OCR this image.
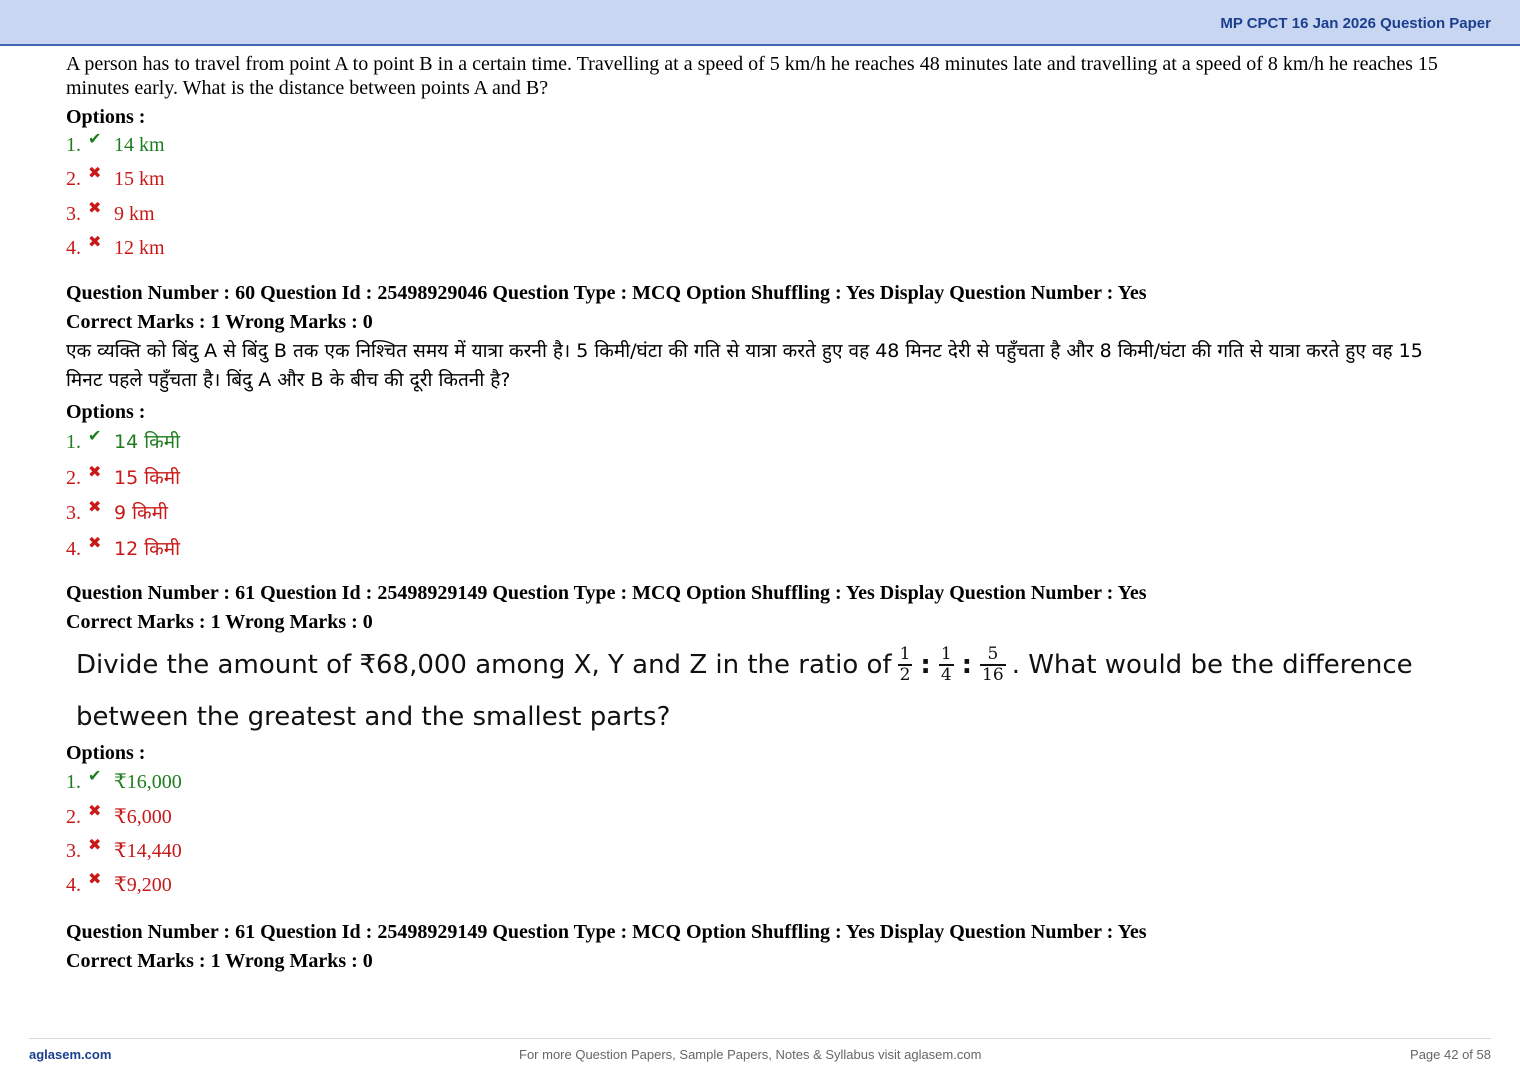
MP CPCT 16 Jan 2026 Question Paper

A person has to travel from point A to point B in a certain time. Travelling at a speed of 5 km/h he reaches 48 minutes late and travelling at a speed of 8 km/h he reaches 15 minutes early. What is the distance between points A and B?

Options :
1. ✔ 14 km
2. ✖ 15 km
3. ✖ 9 km
4. ✖ 12 km
Question Number : 60 Question Id : 25498929046 Question Type : MCQ Option Shuffling : Yes Display Question Number : Yes
Correct Marks : 1 Wrong Marks : 0

एक व्यक्ति को बिंदु A से बिंदु B तक एक निश्चित समय में यात्रा करनी है। 5 किमी/घंटा की गति से यात्रा करते हुए वह 48 मिनट देरी से पहुँचता है और 8 किमी/घंटा की गति से यात्रा करते हुए वह 15 मिनट पहले पहुँचता है। बिंदु A और B के बीच की दूरी कितनी है?

Options :
1. ✔ 14 किमी
2. ✖ 15 किमी
3. ✖ 9 किमी
4. ✖ 12 किमी
Question Number : 61 Question Id : 25498929149 Question Type : MCQ Option Shuffling : Yes Display Question Number : Yes
Correct Marks : 1 Wrong Marks : 0
Divide the amount of ₹68,000 among X, Y and Z in the ratio of $\frac{1}{2}$ : $\frac{1}{4}$ : $\frac{5}{16}$ . What would be the difference
between the greatest and the smallest parts?
Options :
1. ✔ ₹16,000
2. ✖ ₹6,000
3. ✖ ₹14,440
4. ✖ ₹9,200
Question Number : 61 Question Id : 25498929149 Question Type : MCQ Option Shuffling : Yes Display Question Number : Yes
Correct Marks : 1 Wrong Marks : 0
aglasem.com	For more Question Papers, Sample Papers, Notes & Syllabus visit aglasem.com	Page 42 of 58
